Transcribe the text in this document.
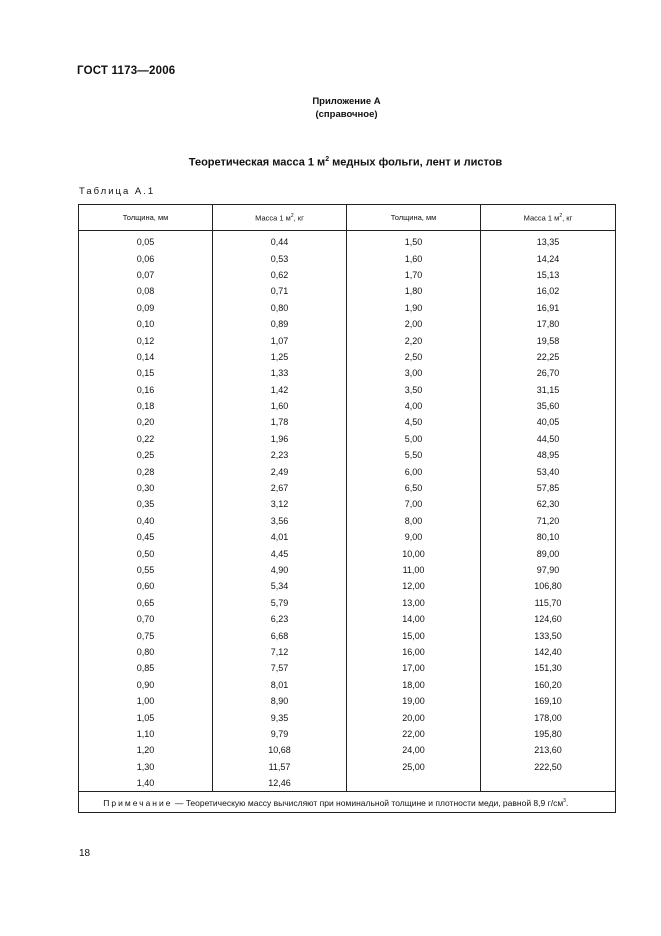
ГОСТ 1173—2006
Приложение А
(справочное)
Теоретическая масса 1 $м^2$ медных фольги, лент и листов
Таблица А.1
Толщина, мм	Масса 1 $м^2$, кг	Толщина, мм	Масса 1 $м^2$, кг
0,05	0,44	1,50	13,35
0,06	0,53	1,60	14,24
0,07	0,62	1,70	15,13
0,08	0,71	1,80	16,02
0,09	0,80	1,90	16,91
0,10	0,89	2,00	17,80
0,12	1,07	2,20	19,58
0,14	1,25	2,50	22,25
0,15	1,33	3,00	26,70
0,16	1,42	3,50	31,15
0,18	1,60	4,00	35,60
0,20	1,78	4,50	40,05
0,22	1,96	5,00	44,50
0,25	2,23	5,50	48,95
0,28	2,49	6,00	53,40
0,30	2,67	6,50	57,85
0,35	3,12	7,00	62,30
0,40	3,56	8,00	71,20
0,45	4,01	9,00	80,10
0,50	4,45	10,00	89,00
0,55	4,90	11,00	97,90
0,60	5,34	12,00	106,80
0,65	5,79	13,00	115,70
0,70	6,23	14,00	124,60
0,75	6,68	15,00	133,50
0,80	7,12	16,00	142,40
0,85	7,57	17,00	151,30
0,90	8,01	18,00	160,20
1,00	8,90	19,00	169,10
1,05	9,35	20,00	178,00
1,10	9,79	22,00	195,80
1,20	10,68	24,00	213,60
1,30	11,57	25,00	222,50
1,40	12,46		
Примечание — Теоретическую массу вычисляют при номинальной толщине и плотности меди, равной 8,9 $г/см^3$.			
18
